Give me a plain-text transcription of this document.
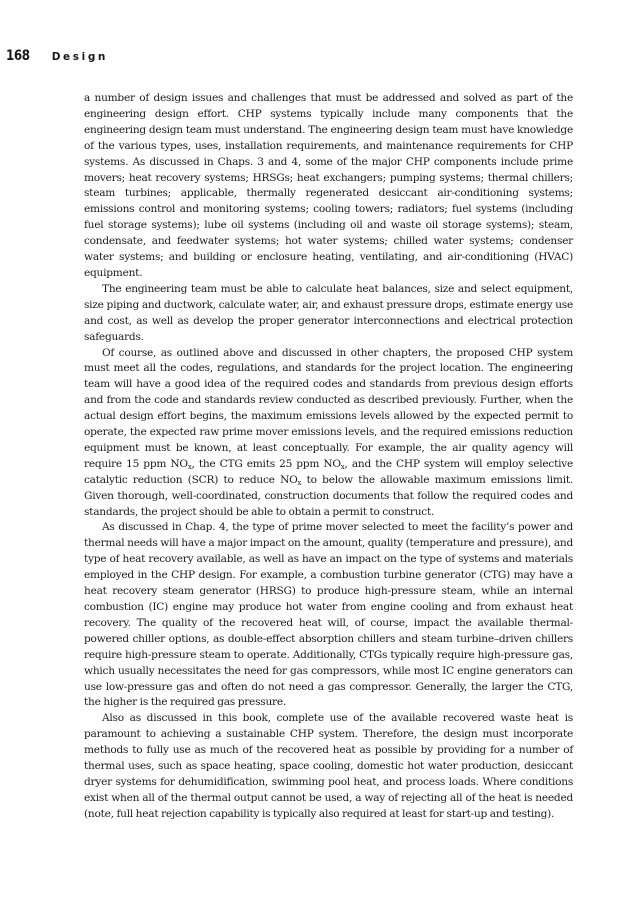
168 Design

a number of design issues and challenges that must be addressed and solved as part of the engineering design effort. CHP systems typically include many components that the engineering design team must understand. The engineering design team must have knowledge of the various types, uses, installation requirements, and maintenance requirements for CHP systems. As discussed in Chaps. 3 and 4, some of the major CHP components include prime movers; heat recovery systems; HRSGs; heat exchangers; pumping systems; thermal chillers; steam turbines; applicable, thermally regenerated desiccant air-conditioning systems; emissions control and monitoring systems; cooling towers; radiators; fuel systems (including fuel storage systems); lube oil systems (including oil and waste oil storage systems); steam, condensate, and feedwater systems; hot water systems; chilled water systems; condenser water systems; and building or enclosure heating, ventilating, and air-conditioning (HVAC) equipment.

The engineering team must be able to calculate heat balances, size and select equipment, size piping and ductwork, calculate water, air, and exhaust pressure drops, estimate energy use and cost, as well as develop the proper generator interconnections and electrical protection safeguards.

Of course, as outlined above and discussed in other chapters, the proposed CHP system must meet all the codes, regulations, and standards for the project location. The engineering team will have a good idea of the required codes and standards from previous design efforts and from the code and standards review conducted as described previously. Further, when the actual design effort begins, the maximum emissions levels allowed by the expected permit to operate, the expected raw prime mover emissions levels, and the required emissions reduction equipment must be known, at least conceptually. For example, the air quality agency will require 15 ppm $NO_x$, the CTG emits 25 ppm $NO_x$, and the CHP system will employ selective catalytic reduction (SCR) to reduce $NO_x$ to below the allowable maximum emissions limit. Given thorough, well-coordinated, construction documents that follow the required codes and standards, the project should be able to obtain a permit to construct.

As discussed in Chap. 4, the type of prime mover selected to meet the facility’s power and thermal needs will have a major impact on the amount, quality (temperature and pressure), and type of heat recovery available, as well as have an impact on the type of systems and materials employed in the CHP design. For example, a combustion turbine generator (CTG) may have a heat recovery steam generator (HRSG) to produce high-pressure steam, while an internal combustion (IC) engine may produce hot water from engine cooling and from exhaust heat recovery. The quality of the recovered heat will, of course, impact the available thermal-powered chiller options, as double-effect absorption chillers and steam turbine–driven chillers require high-pressure steam to operate. Additionally, CTGs typically require high-pressure gas, which usually necessitates the need for gas compressors, while most IC engine generators can use low-pressure gas and often do not need a gas compressor. Generally, the larger the CTG, the higher is the required gas pressure.

Also as discussed in this book, complete use of the available recovered waste heat is paramount to achieving a sustainable CHP system. Therefore, the design must incorporate methods to fully use as much of the recovered heat as possible by providing for a number of thermal uses, such as space heating, space cooling, domestic hot water production, desiccant dryer systems for dehumidification, swimming pool heat, and process loads. Where conditions exist when all of the thermal output cannot be used, a way of rejecting all of the heat is needed (note, full heat rejection capability is typically also required at least for start-up and testing).
